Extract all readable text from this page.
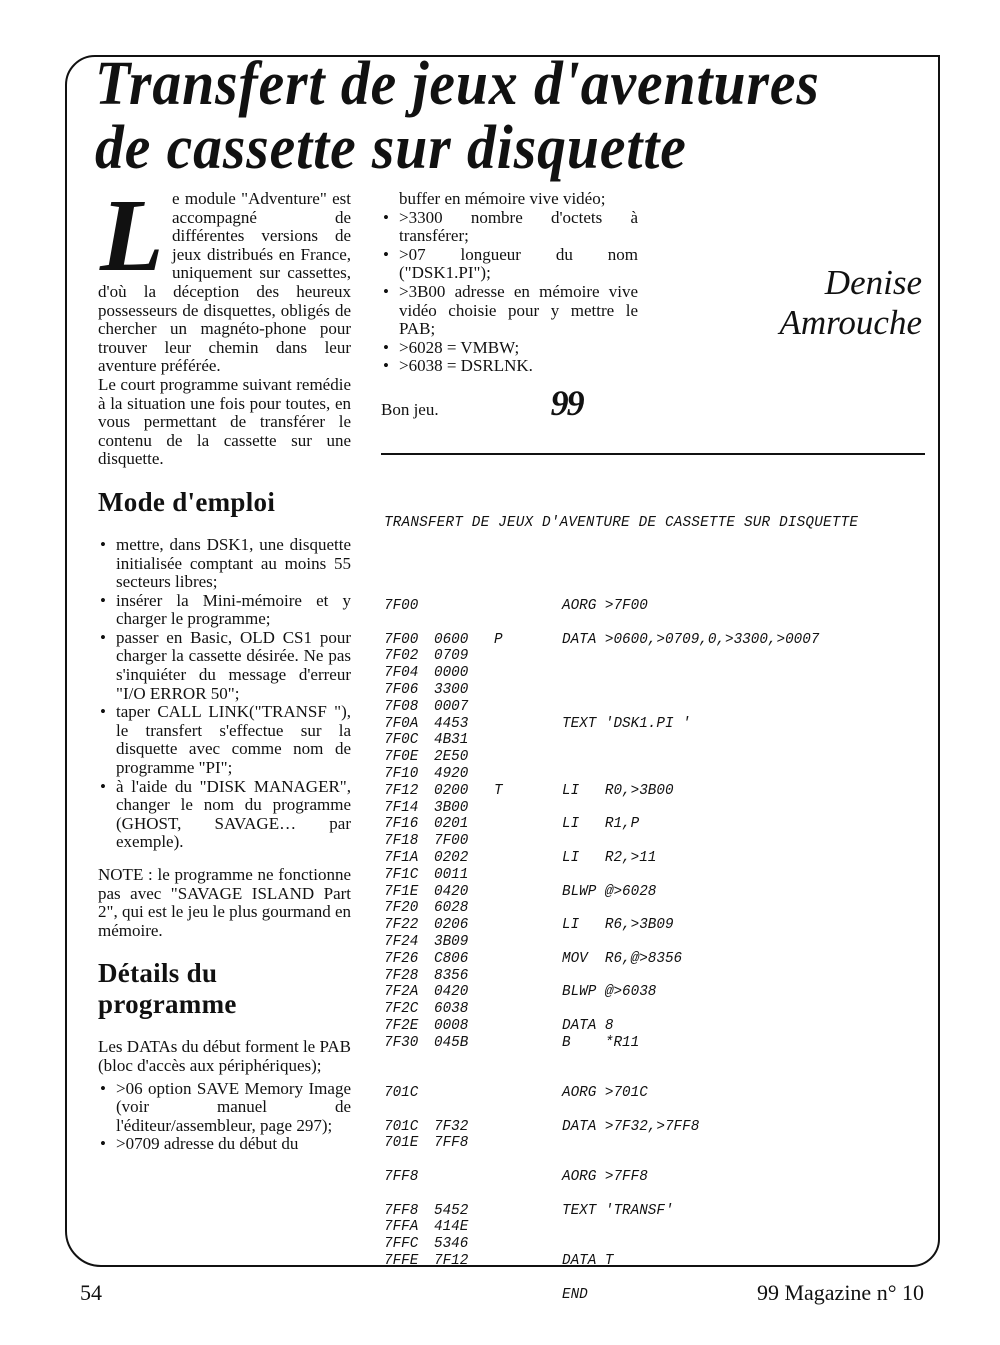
Transfert de jeux d'aventures
de cassette sur disquette
L e module "Adventure" est accompagné de différentes versions de jeux distribués en France, uniquement sur cassettes, d'où la déception des heureux possesseurs de disquettes, obligés de chercher un magnéto-phone pour trouver leur chemin dans leur aventure préférée.

Le court programme suivant remédie à la situation une fois pour toutes, en vous permettant de transférer le contenu de la cassette sur une disquette.

Mode d'emploi
• mettre, dans DSK1, une disquette initialisée comptant au moins 55 secteurs libres;
• insérer la Mini-mémoire et y charger le programme;
• passer en Basic, OLD CS1 pour charger la cassette désirée. Ne pas s'inquiéter du message d'erreur "I/O ERROR 50";
• taper CALL LINK("TRANSF "), le transfert s'effectue sur la disquette avec comme nom de programme "PI";
• à l'aide du "DISK MANAGER", changer le nom du programme (GHOST, SAVAGE… par exemple).

NOTE : le programme ne fonctionne pas avec "SAVAGE ISLAND Part 2", qui est le jeu le plus gourmand en mémoire.

Détails du
programme

Les DATAs du début forment le PAB (bloc d'accès aux périphériques);

• >06 option SAVE Memory Image (voir manuel de l'éditeur/assembleur, page 297);
• >0709 adresse du début du

buffer en mémoire vive vidéo;

• >3300 nombre d'octets à transférer;
• >07 longueur du nom ("DSK1.PI");
• >3B00 adresse en mémoire vive vidéo choisie pour y mettre le PAB;
• >6028 = VMBW;
• >6038 = DSRLNK.
Bon jeu.	99
Denise
Amrouche

TRANSFERT DE JEUX D'AVENTURE DE CASSETTE SUR DISQUETTE

7F00	AORG >7F00
7F00	0600	P	DATA >0600,>0709,0,>3300,>0007
7F02	0709
7F04	0000
7F06	3300
7F08	0007
7F0A	4453	TEXT 'DSK1.PI '
7F0C	4B31
7F0E	2E50
7F10	4920
7F12	0200	T	LI   R0,>3B00
7F14	3B00
7F16	0201	LI   R1,P
7F18	7F00
7F1A	0202	LI   R2,>11
7F1C	0011
7F1E	0420	BLWP @>6028
7F20	6028
7F22	0206	LI   R6,>3B09
7F24	3B09
7F26	C806	MOV  R6,@>8356
7F28	8356
7F2A	0420	BLWP @>6038
7F2C	6038
7F2E	0008	DATA 8
7F30	045B	B    *R11
701C	AORG >701C
701C	7F32	DATA >7F32,>7FF8
701E	7FF8
7FF8	AORG >7FF8
7FF8	5452	TEXT 'TRANSF'
7FFA	414E
7FFC	5346
7FFE	7F12	DATA T
END

54	99 Magazine n° 10
